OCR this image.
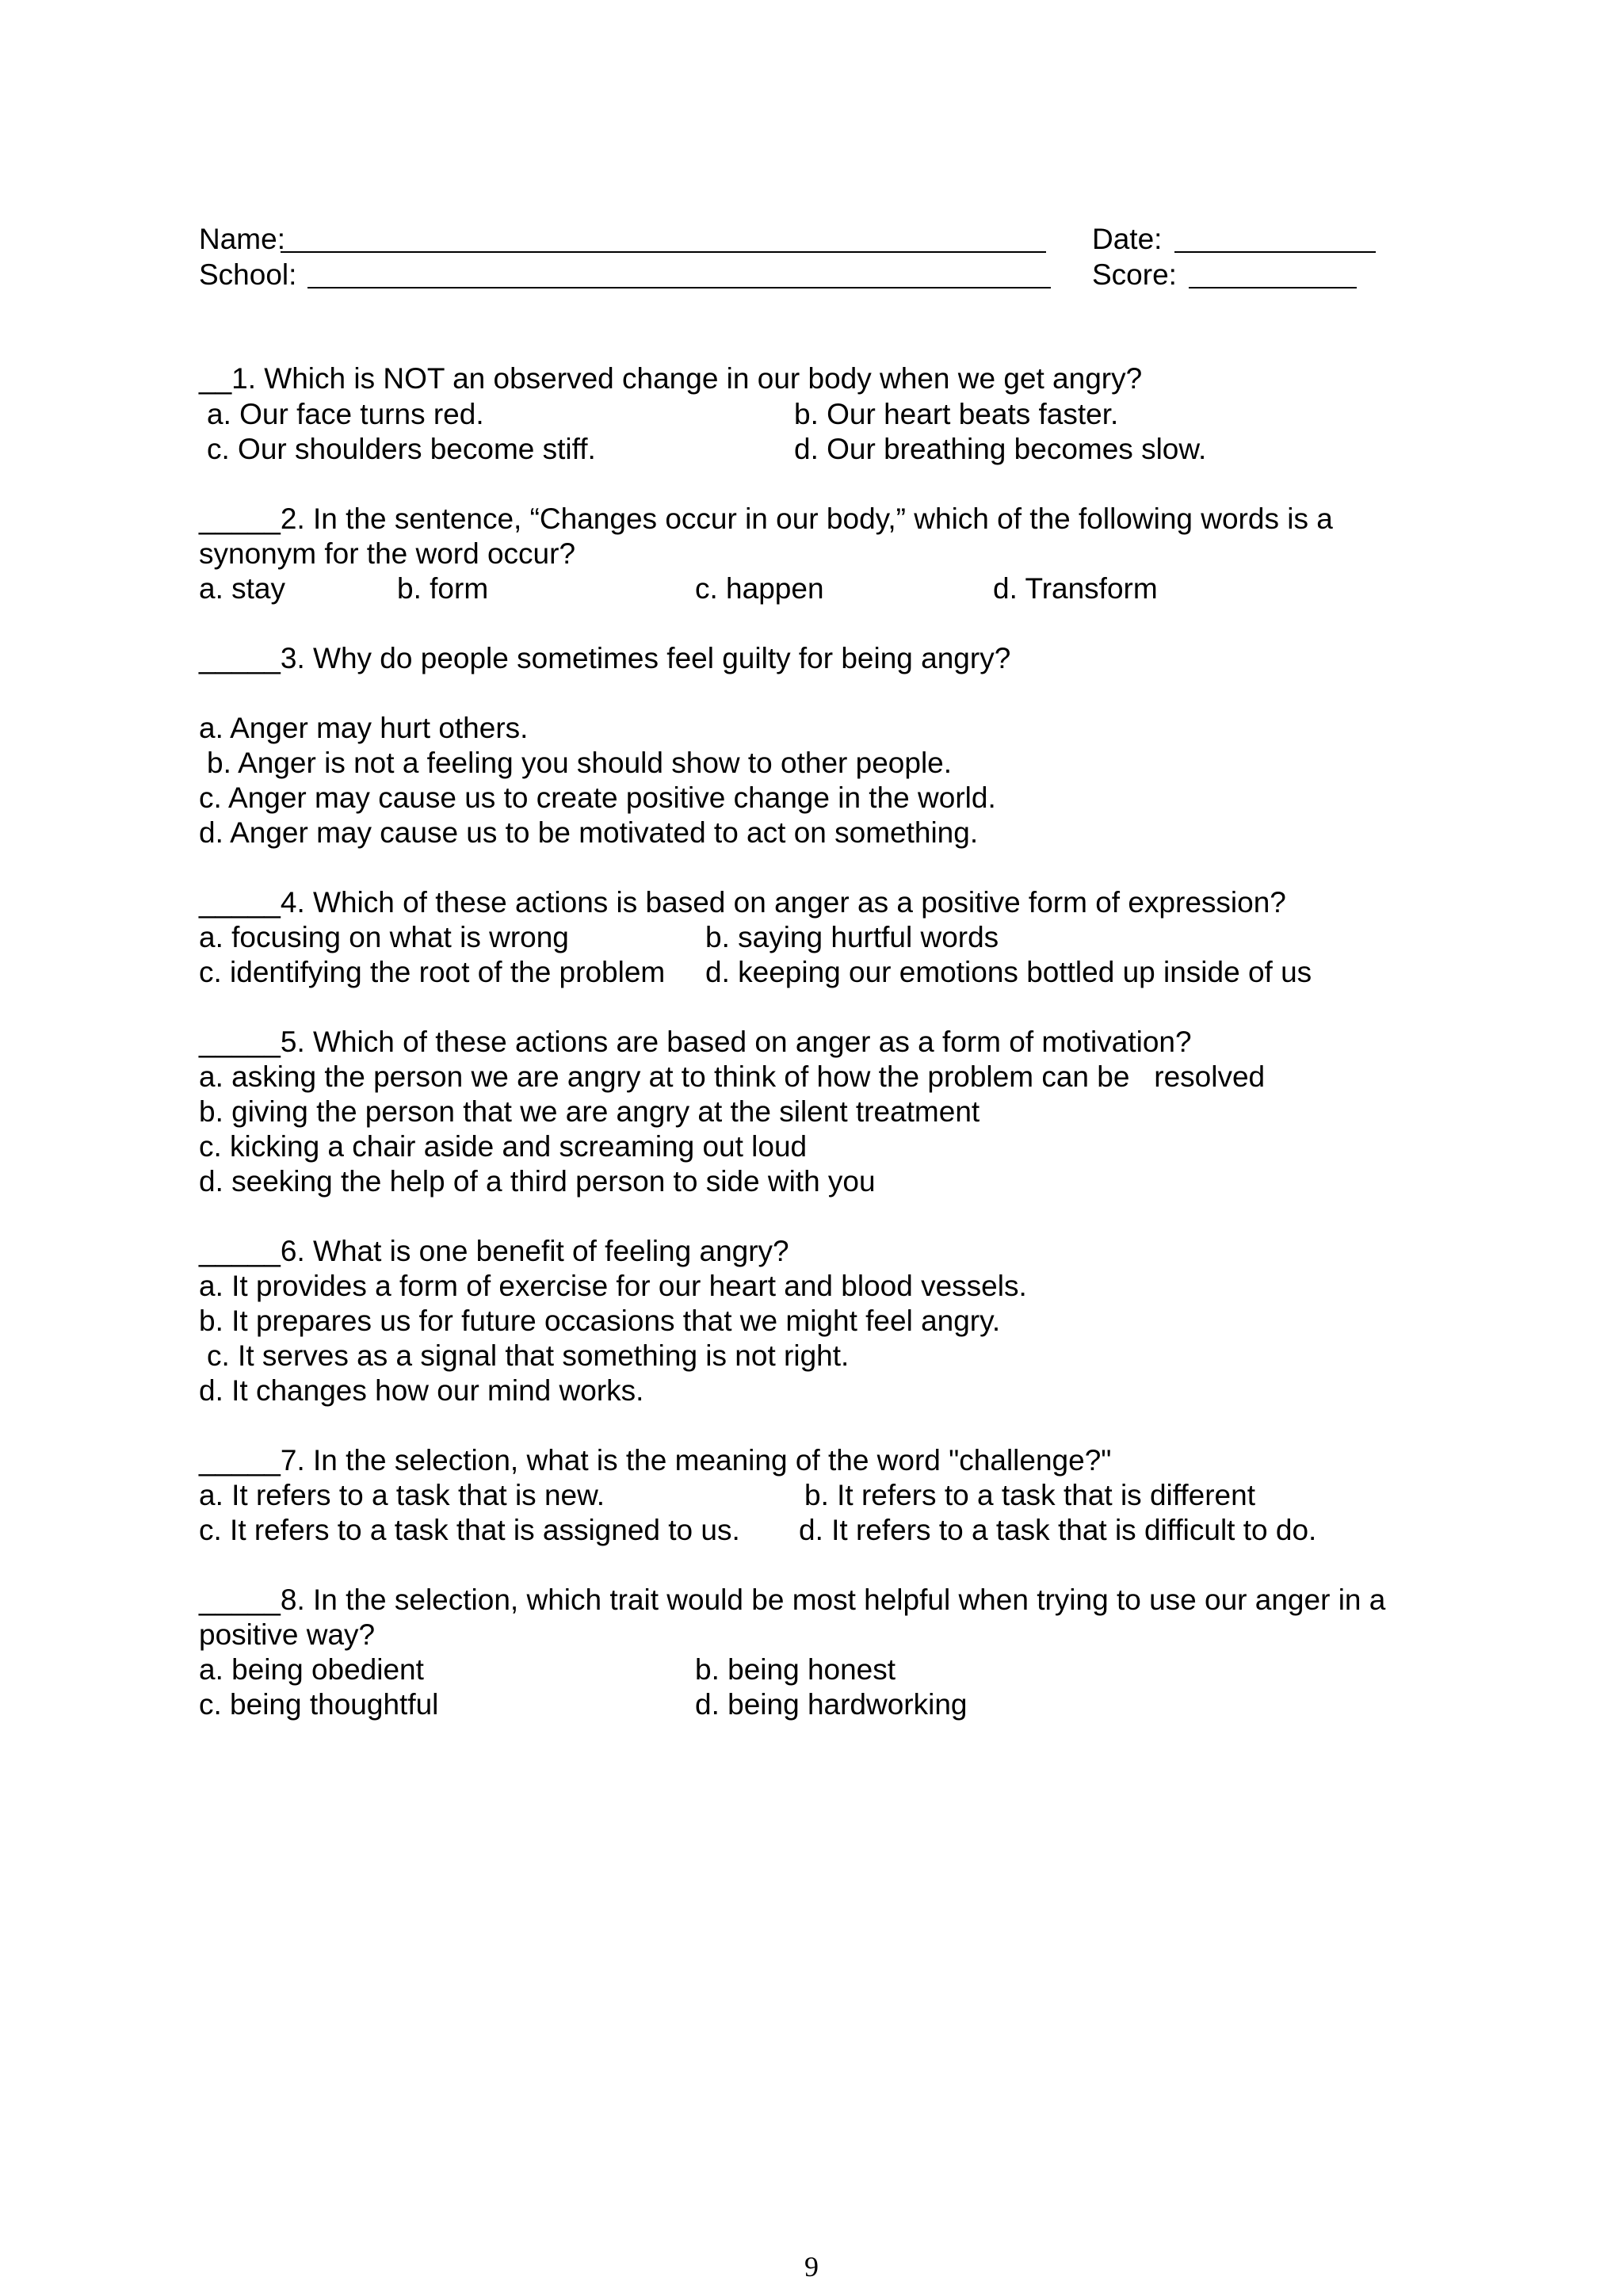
Name:	Date:
School:	Score:
__1. Which is NOT an observed change in our body when we get angry?
a. Our face turns red.	b. Our heart beats faster.
c. Our shoulders become stiff.	d. Our breathing becomes slow.
_____2. In the sentence, “Changes occur in our body,” which of the following words is a
synonym for the word occur?
a. stay	b. form	c. happen	d. Transform
_____3. Why do people sometimes feel guilty for being angry?
a. Anger may hurt others.
b. Anger is not a feeling you should show to other people.
c. Anger may cause us to create positive change in the world.
d. Anger may cause us to be motivated to act on something.
_____4. Which of these actions is based on anger as a positive form of expression?
a. focusing on what is wrong	b. saying hurtful words
c. identifying the root of the problem d. keeping our emotions bottled up inside of us
_____5. Which of these actions are based on anger as a form of motivation?
a. asking the person we are angry at to think of how the problem can be   resolved
b. giving the person that we are angry at the silent treatment
c. kicking a chair aside and screaming out loud
d. seeking the help of a third person to side with you
_____6. What is one benefit of feeling angry?
a. It provides a form of exercise for our heart and blood vessels.
b. It prepares us for future occasions that we might feel angry.
c. It serves as a signal that something is not right.
d. It changes how our mind works.
_____7. In the selection, what is the meaning of the word "challenge?"
a. It refers to a task that is new.	b. It refers to a task that is different
c. It refers to a task that is assigned to us. d. It refers to a task that is difficult to do.
_____8. In the selection, which trait would be most helpful when trying to use our anger in a
positive way?
a. being obedient	b. being honest
c. being thoughtful	d. being hardworking
9
